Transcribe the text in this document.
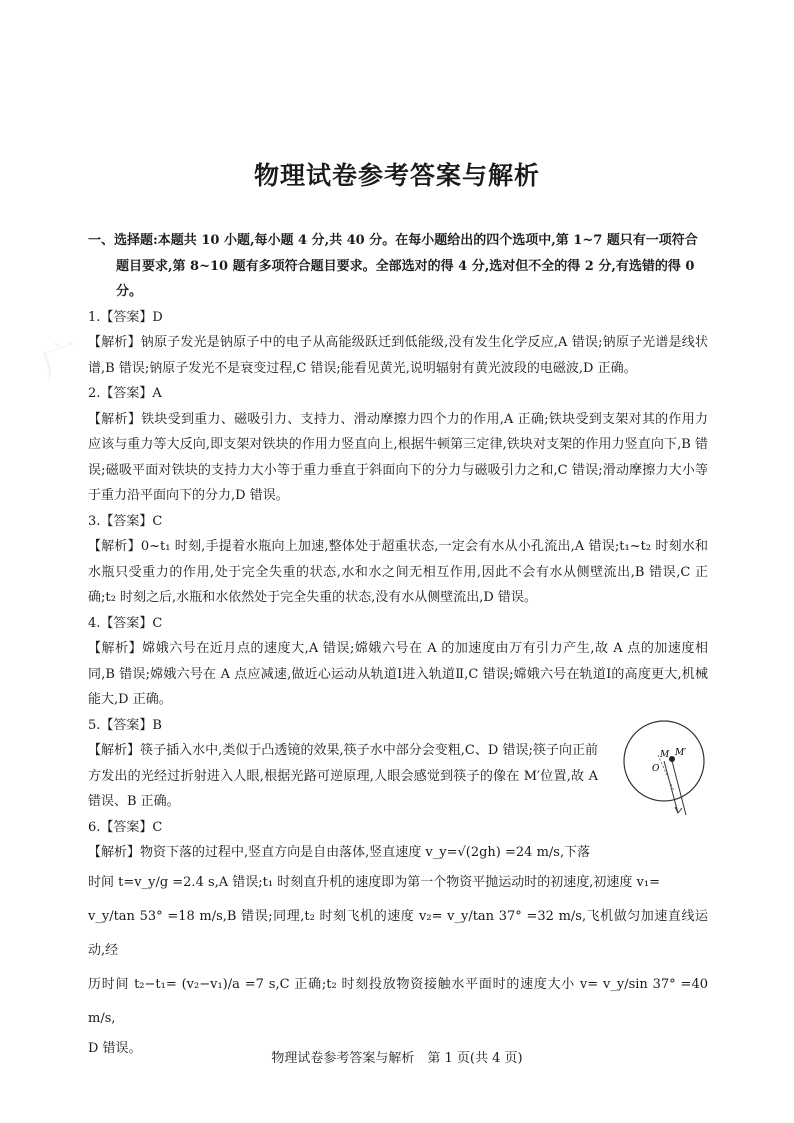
物理试卷参考答案与解析

一、选择题:本题共 10 小题,每小题 4 分,共 40 分。在每小题给出的四个选项中,第 1~7 题只有一项符合题目要求,第 8~10 题有多项符合题目要求。全部选对的得 4 分,选对但不全的得 2 分,有选错的得 0 分。

1.【答案】D

【解析】钠原子发光是钠原子中的电子从高能级跃迁到低能级,没有发生化学反应,A 错误;钠原子光谱是线状谱,B 错误;钠原子发光不是衰变过程,C 错误;能看见黄光,说明辐射有黄光波段的电磁波,D 正确。

2.【答案】A

【解析】铁块受到重力、磁吸引力、支持力、滑动摩擦力四个力的作用,A 正确;铁块受到支架对其的作用力应该与重力等大反向,即支架对铁块的作用力竖直向上,根据牛顿第三定律,铁块对支架的作用力竖直向下,B 错误;磁吸平面对铁块的支持力大小等于重力垂直于斜面向下的分力与磁吸引力之和,C 错误;滑动摩擦力大小等于重力沿平面向下的分力,D 错误。

3.【答案】C

【解析】0~t₁ 时刻,手提着水瓶向上加速,整体处于超重状态,一定会有水从小孔流出,A 错误;t₁~t₂ 时刻水和水瓶只受重力的作用,处于完全失重的状态,水和水之间无相互作用,因此不会有水从侧壁流出,B 错误,C 正确;t₂ 时刻之后,水瓶和水依然处于完全失重的状态,没有水从侧壁流出,D 错误。

4.【答案】C

【解析】嫦娥六号在近月点的速度大,A 错误;嫦娥六号在 A 的加速度由万有引力产生,故 A 点的加速度相同,B 错误;嫦娥六号在 A 点应减速,做近心运动从轨道Ⅰ进入轨道Ⅱ,C 错误;嫦娥六号在轨道Ⅰ的高度更大,机械能大,D 正确。

5.【答案】B

【解析】筷子插入水中,类似于凸透镜的效果,筷子水中部分会变粗,C、D 错误;筷子向正前方发出的光经过折射进入人眼,根据光路可逆原理,人眼会感觉到筷子的像在 M′位置,故 A 错误、B 正确。

M M′
O

6.【答案】C

【解析】物资下落的过程中,竖直方向是自由落体,竖直速度 v_y=√(2gh) =24 m/s,下落

时间 t=v_y/g =2.4 s,A 错误;t₁ 时刻直升机的速度即为第一个物资平抛运动时的初速度,初速度 v₁=

v_y/tan 53° =18 m/s,B 错误;同理,t₂ 时刻飞机的速度 v₂= v_y/tan 37° =32 m/s,飞机做匀加速直线运动,经

历时间 t₂−t₁= (v₂−v₁)/a =7 s,C 正确;t₂ 时刻投放物资接触水平面时的速度大小 v= v_y/sin 37° =40 m/s,

D 错误。

物理试卷参考答案与解析　第 1 页(共 4 页)
